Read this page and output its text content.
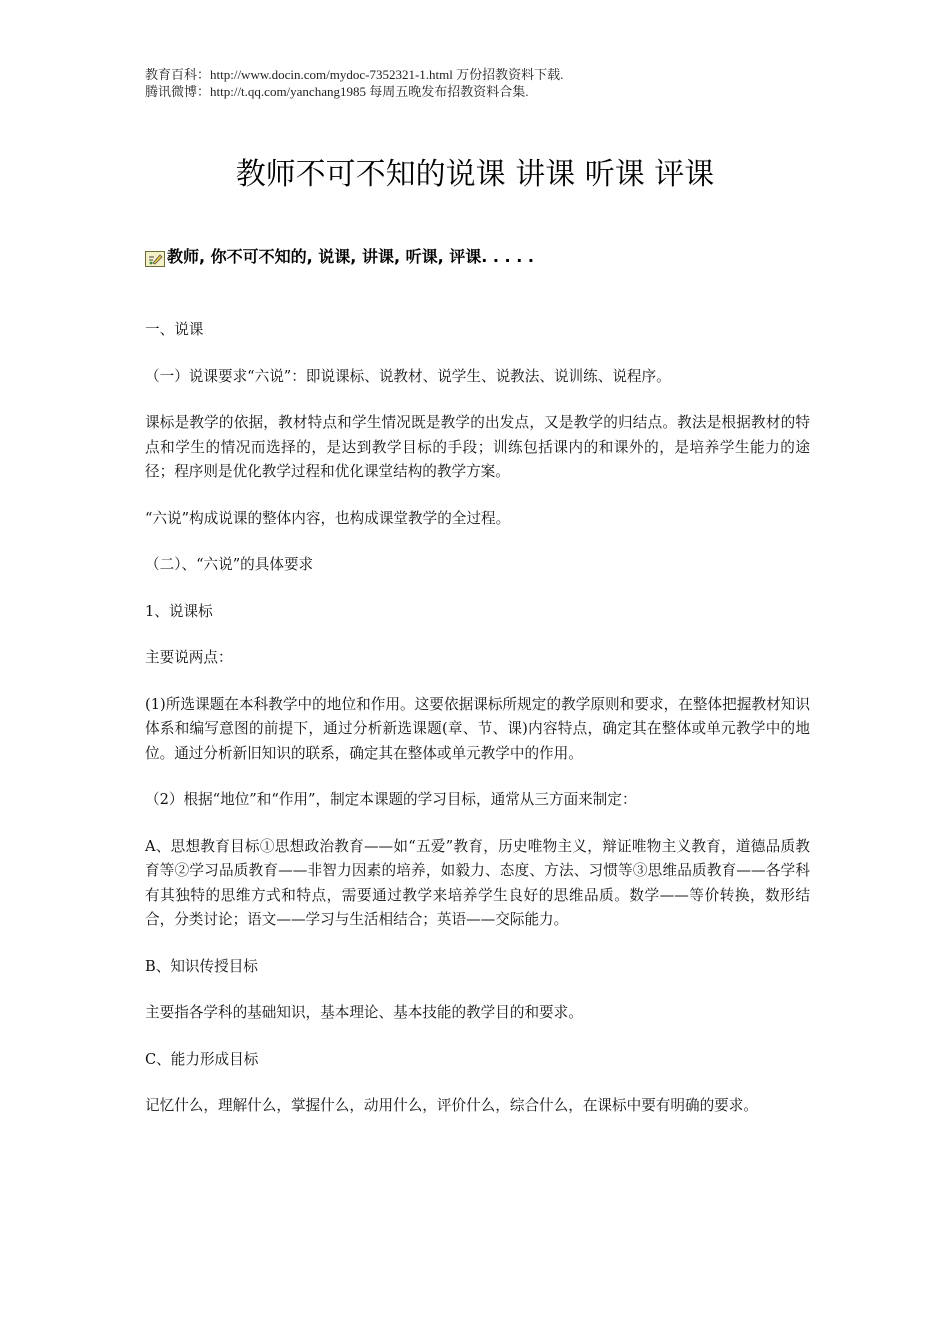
教育百科：http://www.docin.com/mydoc-7352321-1.html 万份招教资料下载.
腾讯微博：http://t.qq.com/yanchang1985 每周五晚发布招教资料合集.
教师不可不知的说课 讲课 听课 评课
教师, 你不可不知的, 说课, 讲课, 听课, 评课. . . . .

一、说课

（一）说课要求“六说”：即说课标、说教材、说学生、说教法、说训练、说程序。

课标是教学的依据，教材特点和学生情况既是教学的出发点，又是教学的归结点。教法是根据教材的特点和学生的情况而选择的，是达到教学目标的手段；训练包括课内的和课外的，是培养学生能力的途径；程序则是优化教学过程和优化课堂结构的教学方案。

“六说”构成说课的整体内容，也构成课堂教学的全过程。

（二）、“六说”的具体要求

1、说课标

主要说两点：

(1)所选课题在本科教学中的地位和作用。这要依据课标所规定的教学原则和要求，在整体把握教材知识体系和编写意图的前提下，通过分析新选课题(章、节、课)内容特点，确定其在整体或单元教学中的地位。通过分析新旧知识的联系，确定其在整体或单元教学中的作用。

（2）根据“地位”和“作用”，制定本课题的学习目标，通常从三方面来制定：

A、思想教育目标①思想政治教育——如“五爱”教育，历史唯物主义，辩证唯物主义教育，道德品质教育等②学习品质教育——非智力因素的培养，如毅力、态度、方法、习惯等③思维品质教育——各学科有其独特的思维方式和特点，需要通过教学来培养学生良好的思维品质。数学——等价转换，数形结合，分类讨论；语文——学习与生活相结合；英语——交际能力。

B、知识传授目标

主要指各学科的基础知识，基本理论、基本技能的教学目的和要求。

C、能力形成目标

记忆什么，理解什么，掌握什么，动用什么，评价什么，综合什么，在课标中要有明确的要求。
